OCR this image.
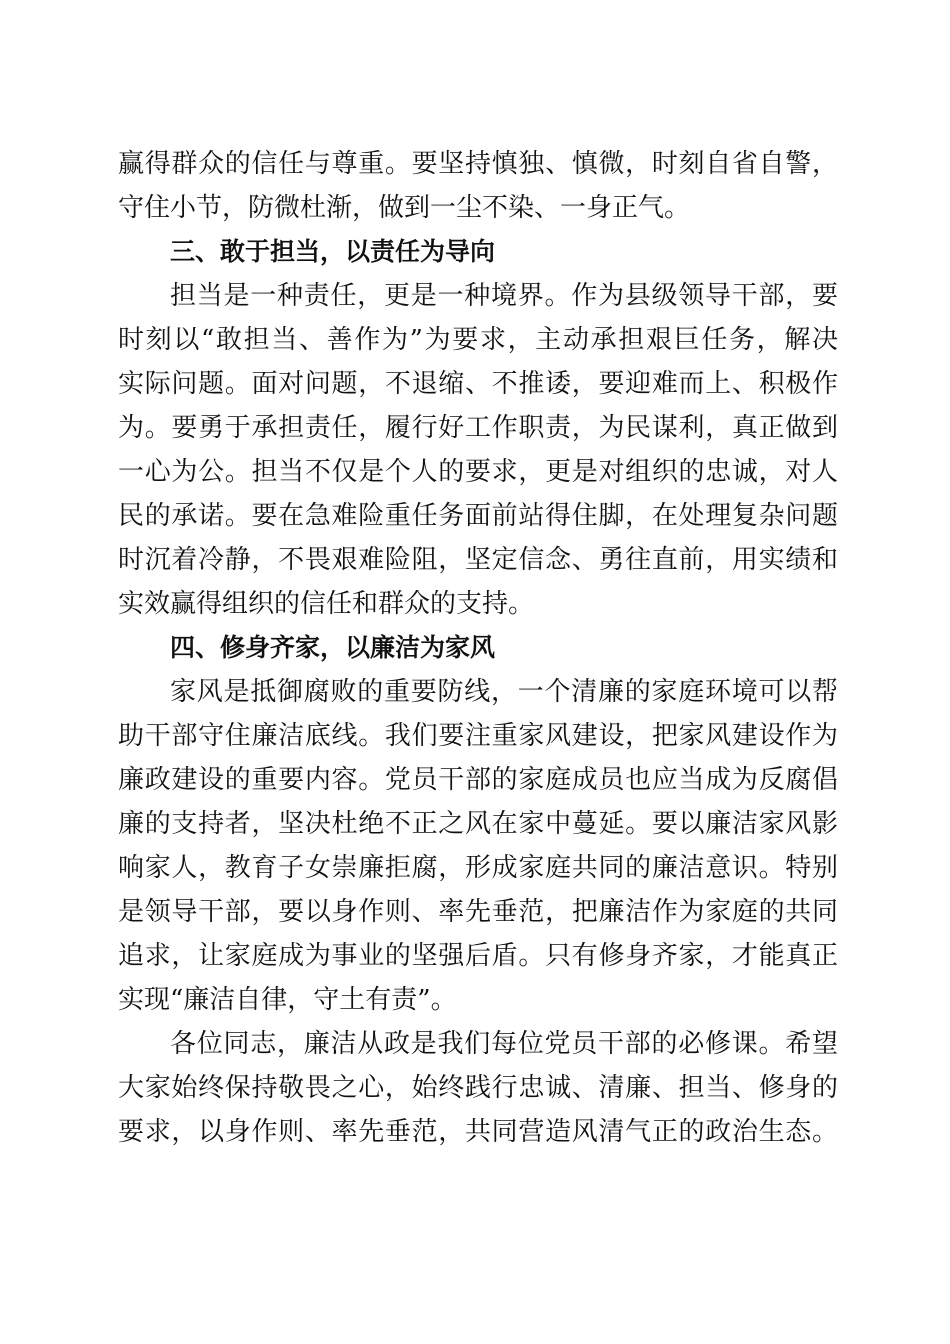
赢得群众的信任与尊重。要坚持慎独、慎微，时刻自省自警，
守住小节，防微杜渐，做到一尘不染、一身正气。
三、敢于担当，以责任为导向
担当是一种责任，更是一种境界。作为县级领导干部，要
时刻以“敢担当、善作为”为要求，主动承担艰巨任务，解决
实际问题。面对问题，不退缩、不推诿，要迎难而上、积极作
为。要勇于承担责任，履行好工作职责，为民谋利，真正做到
一心为公。担当不仅是个人的要求，更是对组织的忠诚，对人
民的承诺。要在急难险重任务面前站得住脚，在处理复杂问题
时沉着冷静，不畏艰难险阻，坚定信念、勇往直前，用实绩和
实效赢得组织的信任和群众的支持。
四、修身齐家，以廉洁为家风
家风是抵御腐败的重要防线，一个清廉的家庭环境可以帮
助干部守住廉洁底线。我们要注重家风建设，把家风建设作为
廉政建设的重要内容。党员干部的家庭成员也应当成为反腐倡
廉的支持者，坚决杜绝不正之风在家中蔓延。要以廉洁家风影
响家人，教育子女崇廉拒腐，形成家庭共同的廉洁意识。特别
是领导干部，要以身作则、率先垂范，把廉洁作为家庭的共同
追求，让家庭成为事业的坚强后盾。只有修身齐家，才能真正
实现“廉洁自律，守土有责”。
各位同志，廉洁从政是我们每位党员干部的必修课。希望
大家始终保持敬畏之心，始终践行忠诚、清廉、担当、修身的
要求，以身作则、率先垂范，共同营造风清气正的政治生态。
